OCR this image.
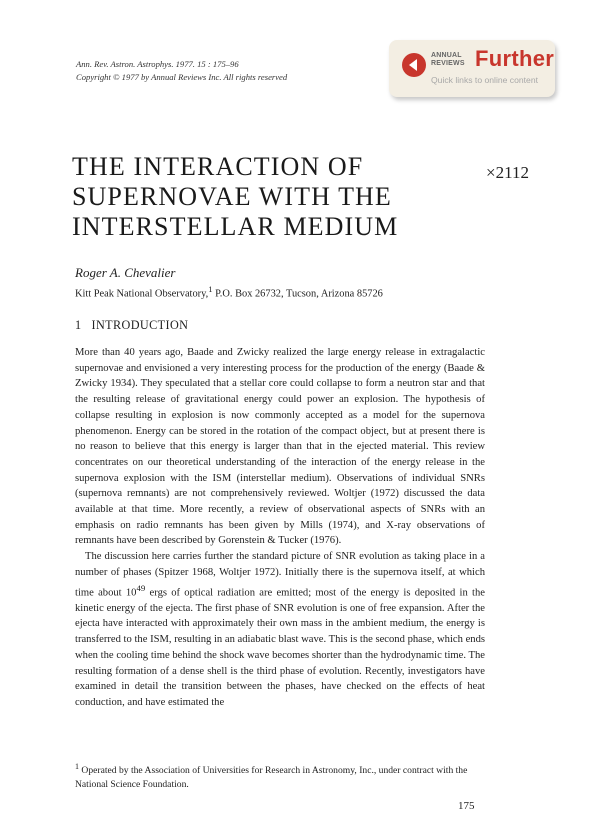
Ann. Rev. Astron. Astrophys. 1977. 15 : 175–96
Copyright © 1977 by Annual Reviews Inc. All rights reserved
ANNUAL
REVIEWS Further
Quick links to online content
THE INTERACTION OF
SUPERNOVAE WITH THE
INTERSTELLAR MEDIUM
×2112
Roger A. Chevalier
Kitt Peak National Observatory,$^1$ P.O. Box 26732, Tucson, Arizona 85726
1 INTRODUCTION

More than 40 years ago, Baade and Zwicky realized the large energy release in extragalactic supernovae and envisioned a very interesting process for the production of the energy (Baade & Zwicky 1934). They speculated that a stellar core could collapse to form a neutron star and that the resulting release of gravitational energy could power an explosion. The hypothesis of collapse resulting in explosion is now commonly accepted as a model for the supernova phenomenon. Energy can be stored in the rotation of the compact object, but at present there is no reason to believe that this energy is larger than that in the ejected material. This review concentrates on our theoretical understanding of the interaction of the energy release in the supernova explosion with the ISM (interstellar medium). Observations of individual SNRs (supernova remnants) are not comprehensively reviewed. Woltjer (1972) discussed the data available at that time. More recently, a review of observational aspects of SNRs with an emphasis on radio remnants has been given by Mills (1974), and X-ray observations of remnants have been described by Gorenstein & Tucker (1976).

The discussion here carries further the standard picture of SNR evolution as taking place in a number of phases (Spitzer 1968, Woltjer 1972). Initially there is the supernova itself, at which time about $10^{49}$ ergs of optical radiation are emitted; most of the energy is deposited in the kinetic energy of the ejecta. The first phase of SNR evolution is one of free expansion. After the ejecta have interacted with approximately their own mass in the ambient medium, the energy is transferred to the ISM, resulting in an adiabatic blast wave. This is the second phase, which ends when the cooling time behind the shock wave becomes shorter than the hydrodynamic time. The resulting formation of a dense shell is the third phase of evolution. Recently, investigators have examined in detail the transition between the phases, have checked on the effects of heat conduction, and have estimated the

$^1$ Operated by the Association of Universities for Research in Astronomy, Inc., under contract with the National Science Foundation.

175
